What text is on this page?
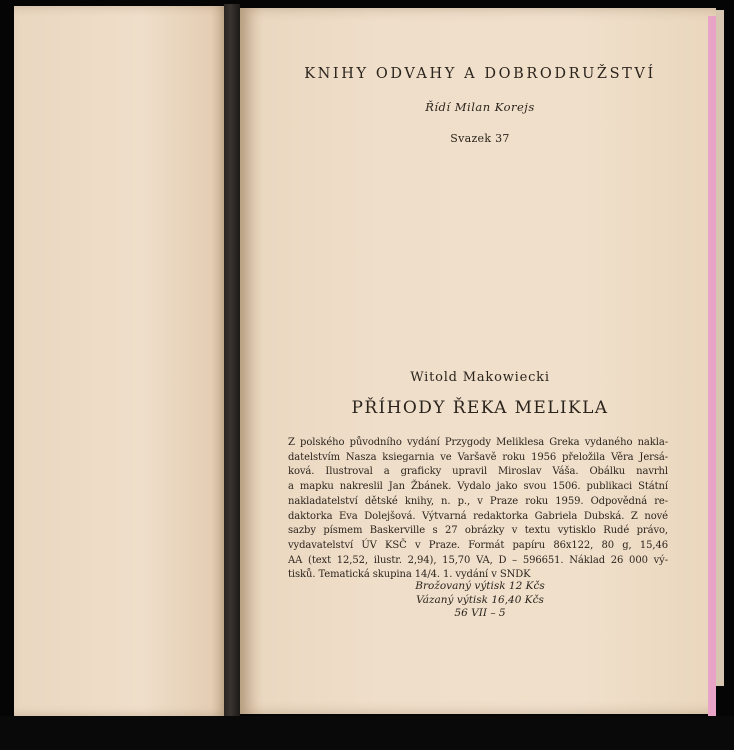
KNIHY ODVAHY A DOBRODRUŽSTVÍ
Řídí Milan Korejs
Svazek 37
Witold Makowiecki
PŘÍHODY ŘEKA MELIKLA
Z polského původního vydání Przygody Meliklesa Greka vydaného nakla-
datelstvím Nasza ksiegarnia ve Varšavě roku 1956 přeložila Věra Jersá-
ková. Ilustroval a graficky upravil Miroslav Váša. Obálku navrhl
a mapku nakreslil Jan Žbánek. Vydalo jako svou 1506. publikaci Státní
nakladatelství dětské knihy, n. p., v Praze roku 1959. Odpovědná re-
daktorka Eva Dolejšová. Výtvarná redaktorka Gabriela Dubská. Z nové
sazby písmem Baskerville s 27 obrázky v textu vytisklo Rudé právo,
vydavatelství ÚV KSČ v Praze. Formát papíru 86x122, 80 g, 15,46
AA (text 12,52, ilustr. 2,94), 15,70 VA, D – 596651. Náklad 26 000 vý-
tisků. Tematická skupina 14/4. 1. vydání v SNDK
Brožovaný výtisk 12 Kčs
Vázaný výtisk 16,40 Kčs
56 VII – 5
